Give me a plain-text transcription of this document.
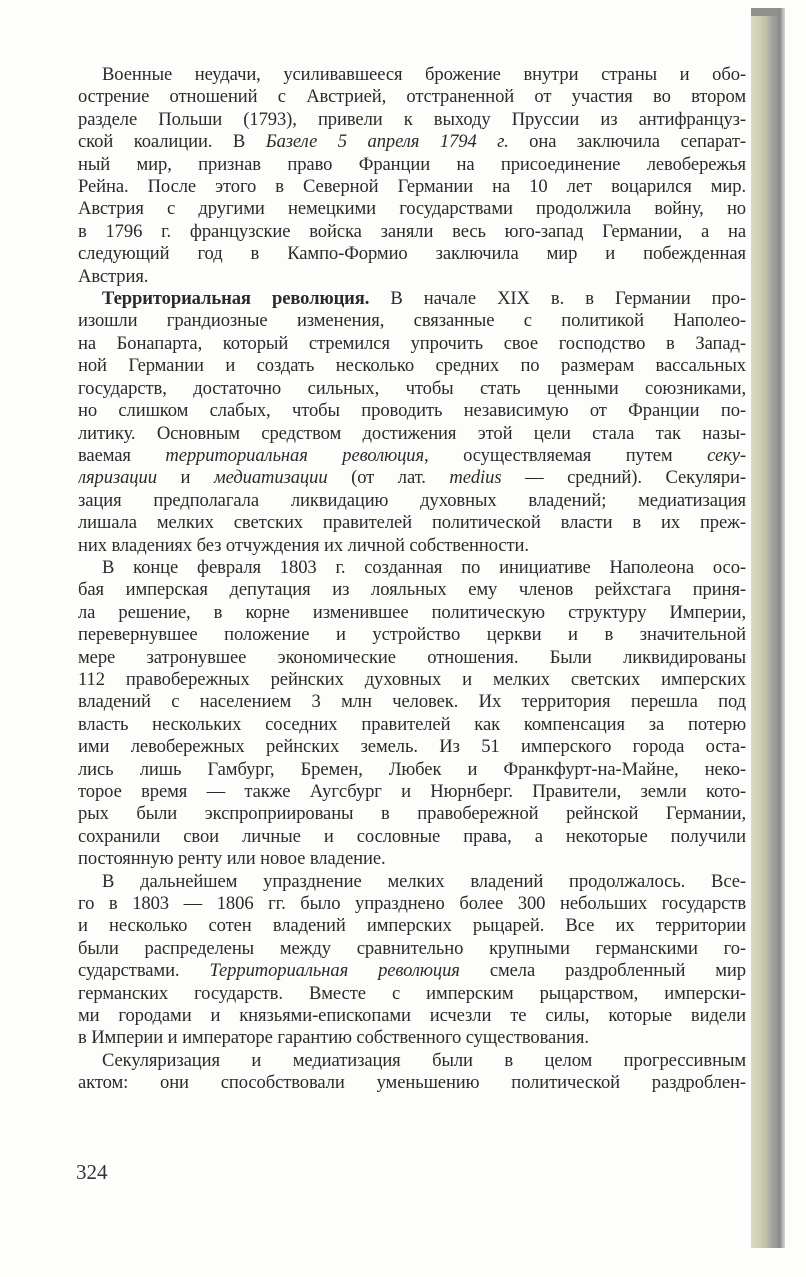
Военные неудачи, усиливавшееся брожение внутри страны и обо-
острение отношений с Австрией, отстраненной от участия во втором
разделе Польши (1793), привели к выходу Пруссии из антифранцуз-
ской коалиции. В Базеле 5 апреля 1794 г. она заключила сепарат-
ный мир, признав право Франции на присоединение левобережья
Рейна. После этого в Северной Германии на 10 лет воцарился мир.
Австрия с другими немецкими государствами продолжила войну, но
в 1796 г. французские войска заняли весь юго-запад Германии, а на
следующий год в Кампо-Формио заключила мир и побежденная
Австрия.
Территориальная революция. В начале XIX в. в Германии про-
изошли грандиозные изменения, связанные с политикой Наполео-
на Бонапарта, который стремился упрочить свое господство в Запад-
ной Германии и создать несколько средних по размерам вассальных
государств, достаточно сильных, чтобы стать ценными союзниками,
но слишком слабых, чтобы проводить независимую от Франции по-
литику. Основным средством достижения этой цели стала так назы-
ваемая территориальная революция, осуществляемая путем секу-
ляризации и медиатизации (от лат. medius — средний). Секуляри-
зация предполагала ликвидацию духовных владений; медиатизация
лишала мелких светских правителей политической власти в их преж-
них владениях без отчуждения их личной собственности.
В конце февраля 1803 г. созданная по инициативе Наполеона осо-
бая имперская депутация из лояльных ему членов рейхстага приня-
ла решение, в корне изменившее политическую структуру Империи,
перевернувшее положение и устройство церкви и в значительной
мере затронувшее экономические отношения. Были ликвидированы
112 правобережных рейнских духовных и мелких светских имперских
владений с населением 3 млн человек. Их территория перешла под
власть нескольких соседних правителей как компенсация за потерю
ими левобережных рейнских земель. Из 51 имперского города оста-
лись лишь Гамбург, Бремен, Любек и Франкфурт-на-Майне, неко-
торое время — также Аугсбург и Нюрнберг. Правители, земли кото-
рых были экспроприированы в правобережной рейнской Германии,
сохранили свои личные и сословные права, а некоторые получили
постоянную ренту или новое владение.
В дальнейшем упразднение мелких владений продолжалось. Все-
го в 1803 — 1806 гг. было упразднено более 300 небольших государств
и несколько сотен владений имперских рыцарей. Все их территории
были распределены между сравнительно крупными германскими го-
сударствами. Территориальная революция смела раздробленный мир
германских государств. Вместе с имперским рыцарством, имперски-
ми городами и князьями-епископами исчезли те силы, которые видели
в Империи и императоре гарантию собственного существования.
Секуляризация и медиатизация были в целом прогрессивным
актом: они способствовали уменьшению политической раздроблен-
324
